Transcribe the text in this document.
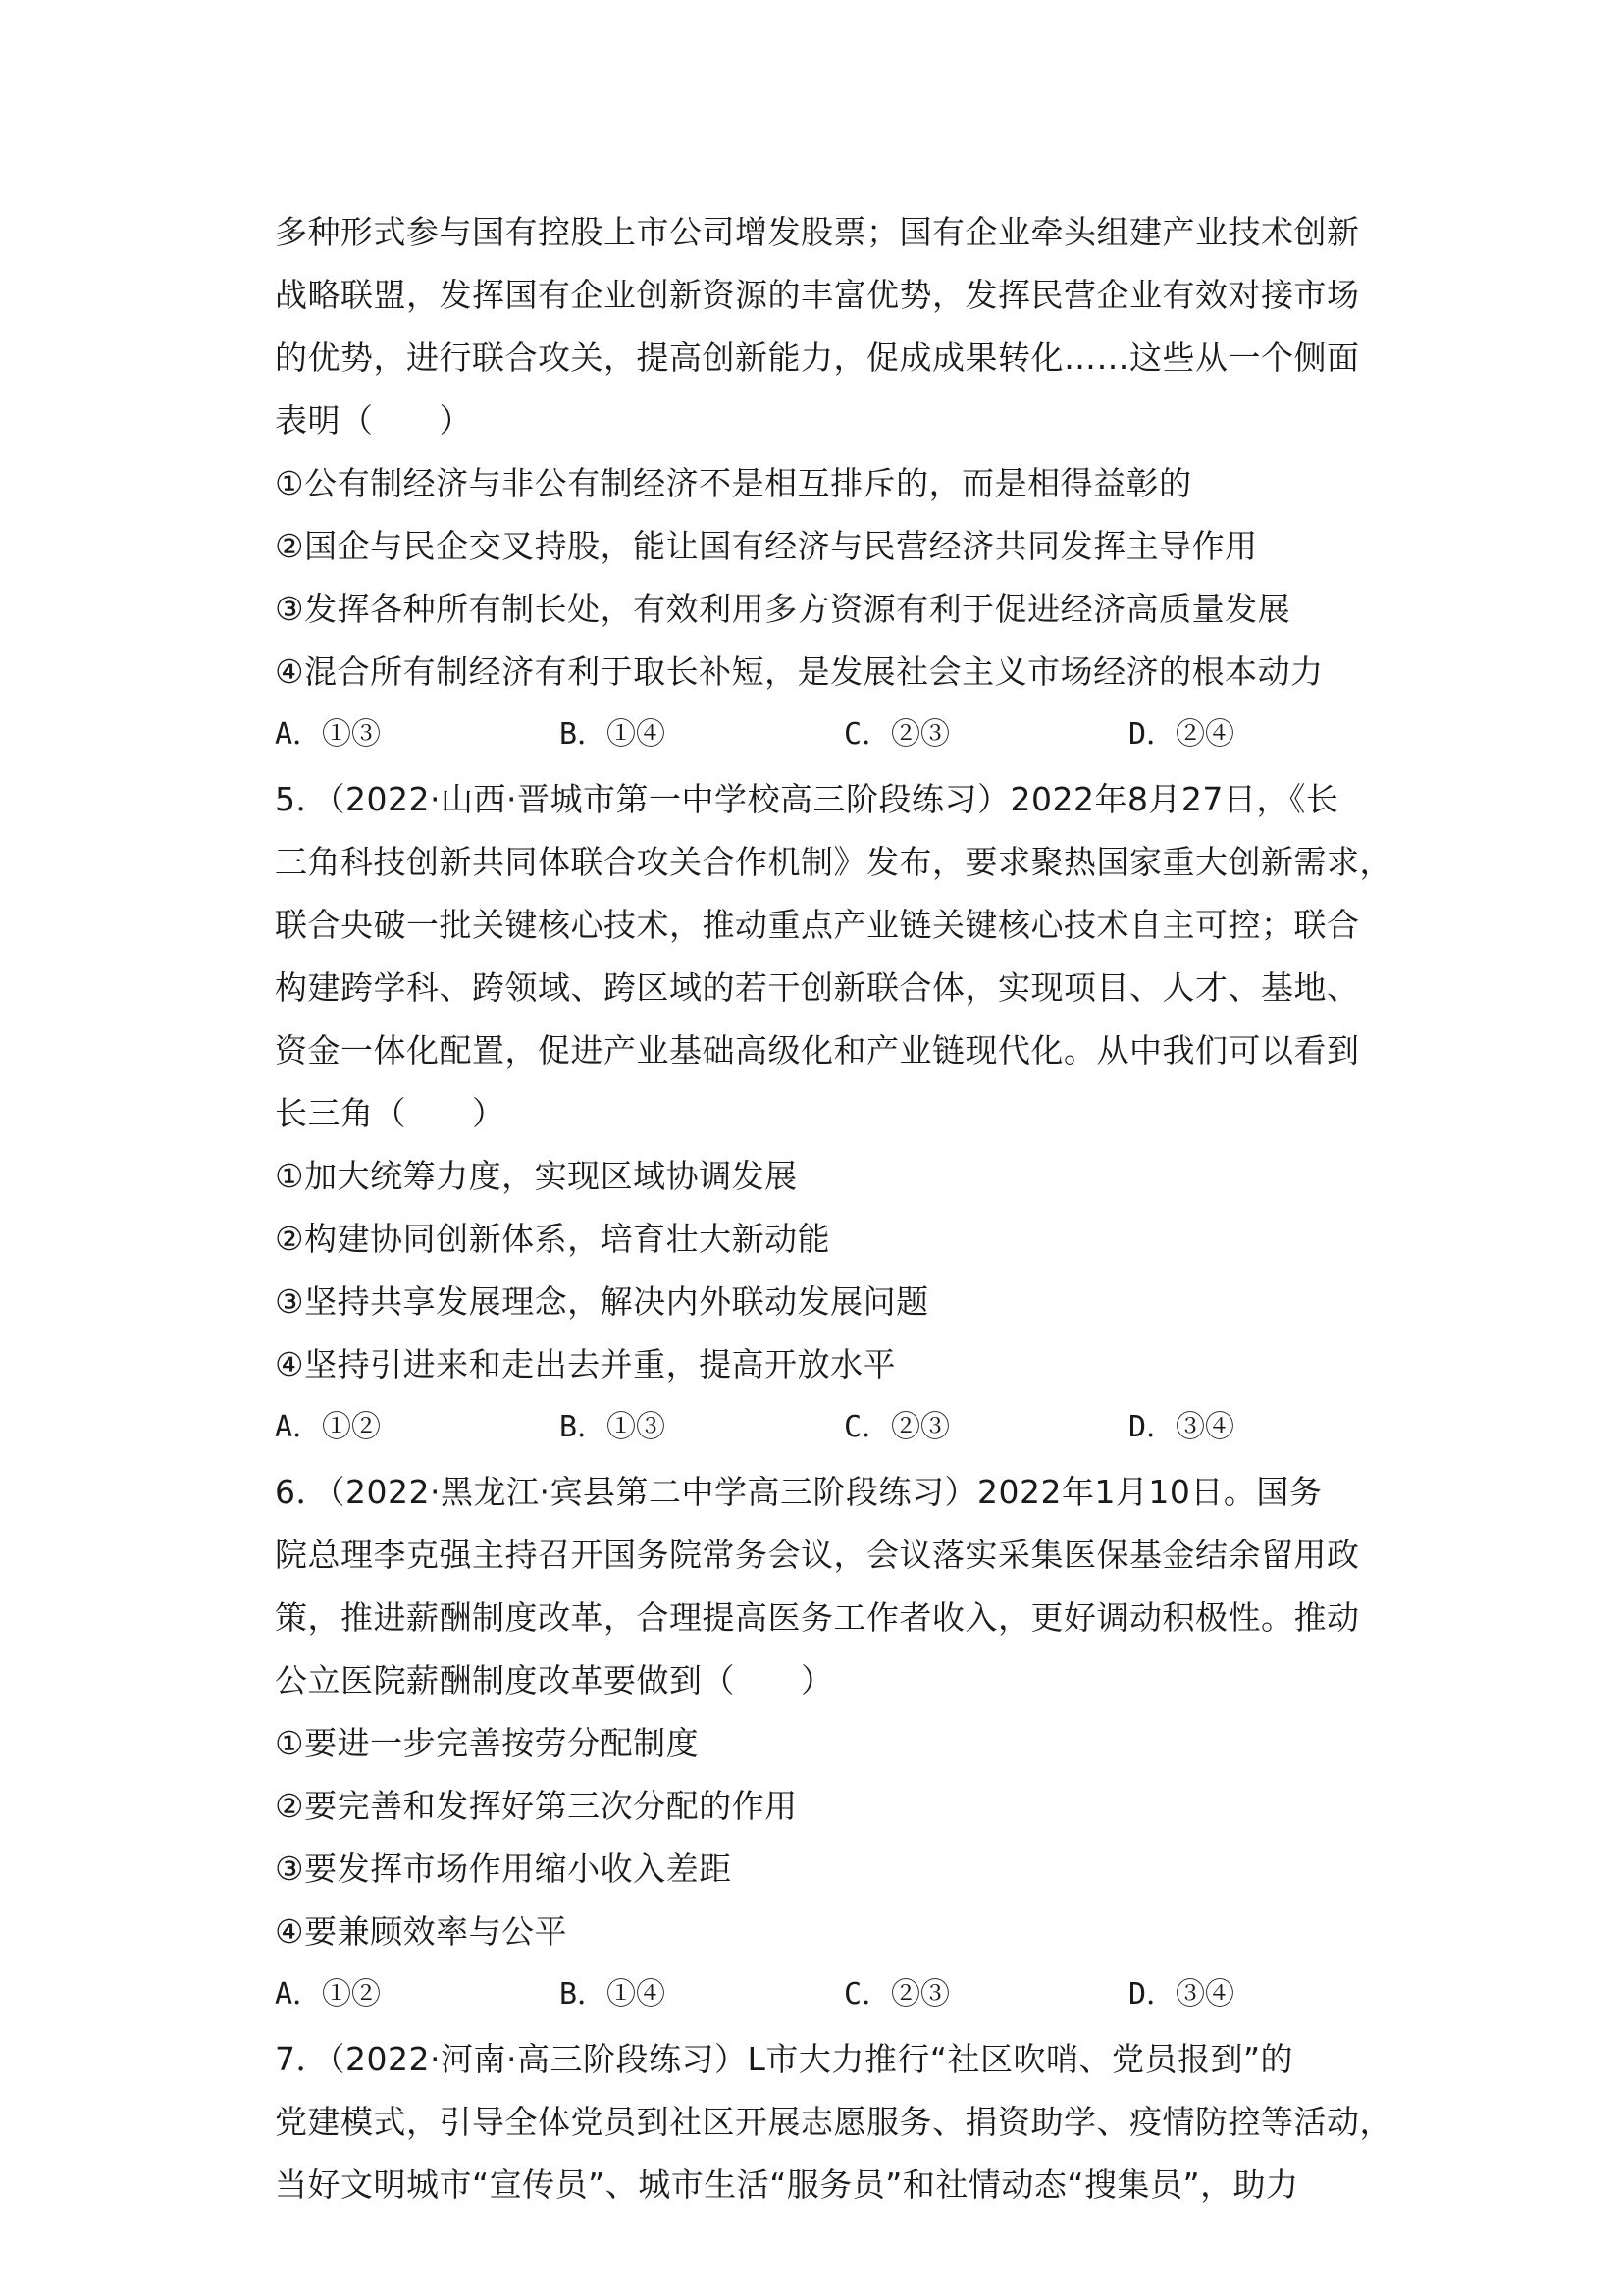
多种形式参与国有控股上市公司增发股票；国有企业牵头组建产业技术创新
战略联盟，发挥国有企业创新资源的丰富优势，发挥民营企业有效对接市场
的优势，进行联合攻关，提高创新能力，促成成果转化……这些从一个侧面
表明（　　）
①公有制经济与非公有制经济不是相互排斥的，而是相得益彰的
②国企与民企交叉持股，能让国有经济与民营经济共同发挥主导作用
③发挥各种所有制长处，有效利用多方资源有利于促进经济高质量发展
④混合所有制经济有利于取长补短，是发展社会主义市场经济的根本动力
A．①③	B．①④	C．②③	D．②④
5．（2022·山西·晋城市第一中学校高三阶段练习）2022年8月27日，《长
三角科技创新共同体联合攻关合作机制》发布，要求聚热国家重大创新需求，
联合央破一批关键核心技术，推动重点产业链关键核心技术自主可控；联合
构建跨学科、跨领域、跨区域的若干创新联合体，实现项目、人才、基地、
资金一体化配置，促进产业基础高级化和产业链现代化。从中我们可以看到
长三角（　　）
①加大统筹力度，实现区域协调发展
②构建协同创新体系，培育壮大新动能
③坚持共享发展理念，解决内外联动发展问题
④坚持引进来和走出去并重，提高开放水平
A．①②	B．①③	C．②③	D．③④
6．（2022·黑龙江·宾县第二中学高三阶段练习）2022年1月10日。国务
院总理李克强主持召开国务院常务会议，会议落实采集医保基金结余留用政
策，推进薪酬制度改革，合理提高医务工作者收入，更好调动积极性。推动
公立医院薪酬制度改革要做到（　　）
①要进一步完善按劳分配制度
②要完善和发挥好第三次分配的作用
③要发挥市场作用缩小收入差距
④要兼顾效率与公平
A．①②	B．①④	C．②③	D．③④
7．（2022·河南·高三阶段练习）L市大力推行“社区吹哨、党员报到”的
党建模式，引导全体党员到社区开展志愿服务、捐资助学、疫情防控等活动，
当好文明城市“宣传员”、城市生活“服务员”和社情动态“搜集员”，助力
